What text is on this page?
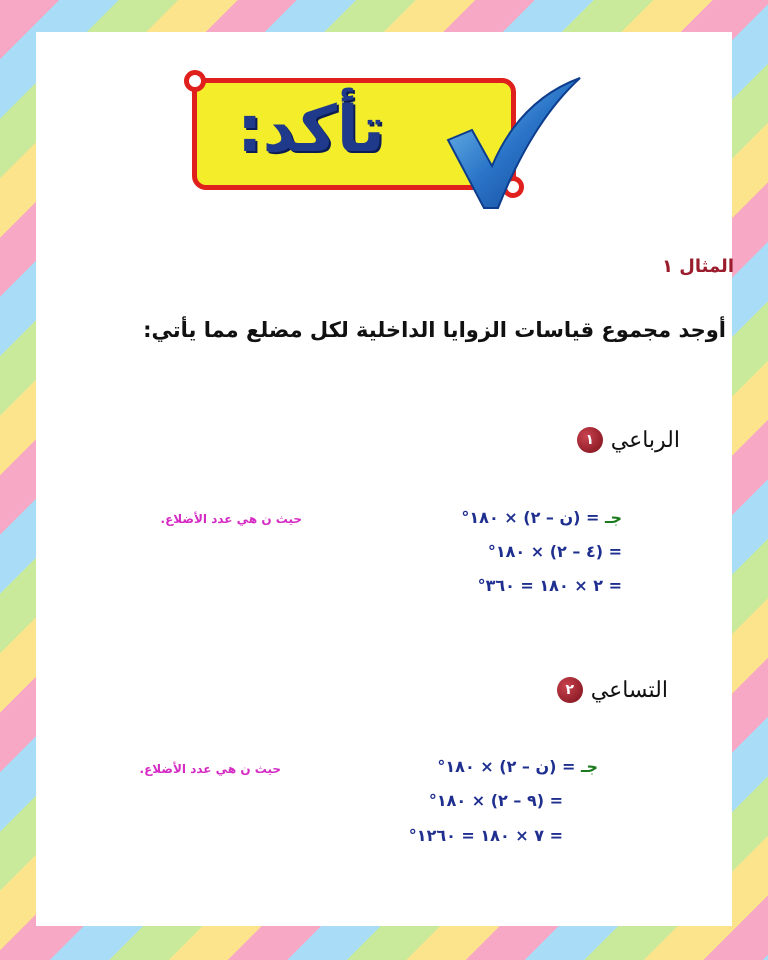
تأكد:
المثال ١
أوجد مجموع قياسات الزوايا الداخلية لكل مضلع مما يأتي:
١ الرباعي
حيث ن هي عدد الأضلاع.	جـ = (ن – ٢) × ١٨٠°
= (٤ – ٢) × ١٨٠°
= ٢ × ١٨٠ = ٣٦٠°
٢ التساعي
حيث ن هي عدد الأضلاع.	جـ = (ن – ٢) × ١٨٠°
= (٩ – ٢) × ١٨٠°
= ٧ × ١٨٠ = ١٢٦٠°
